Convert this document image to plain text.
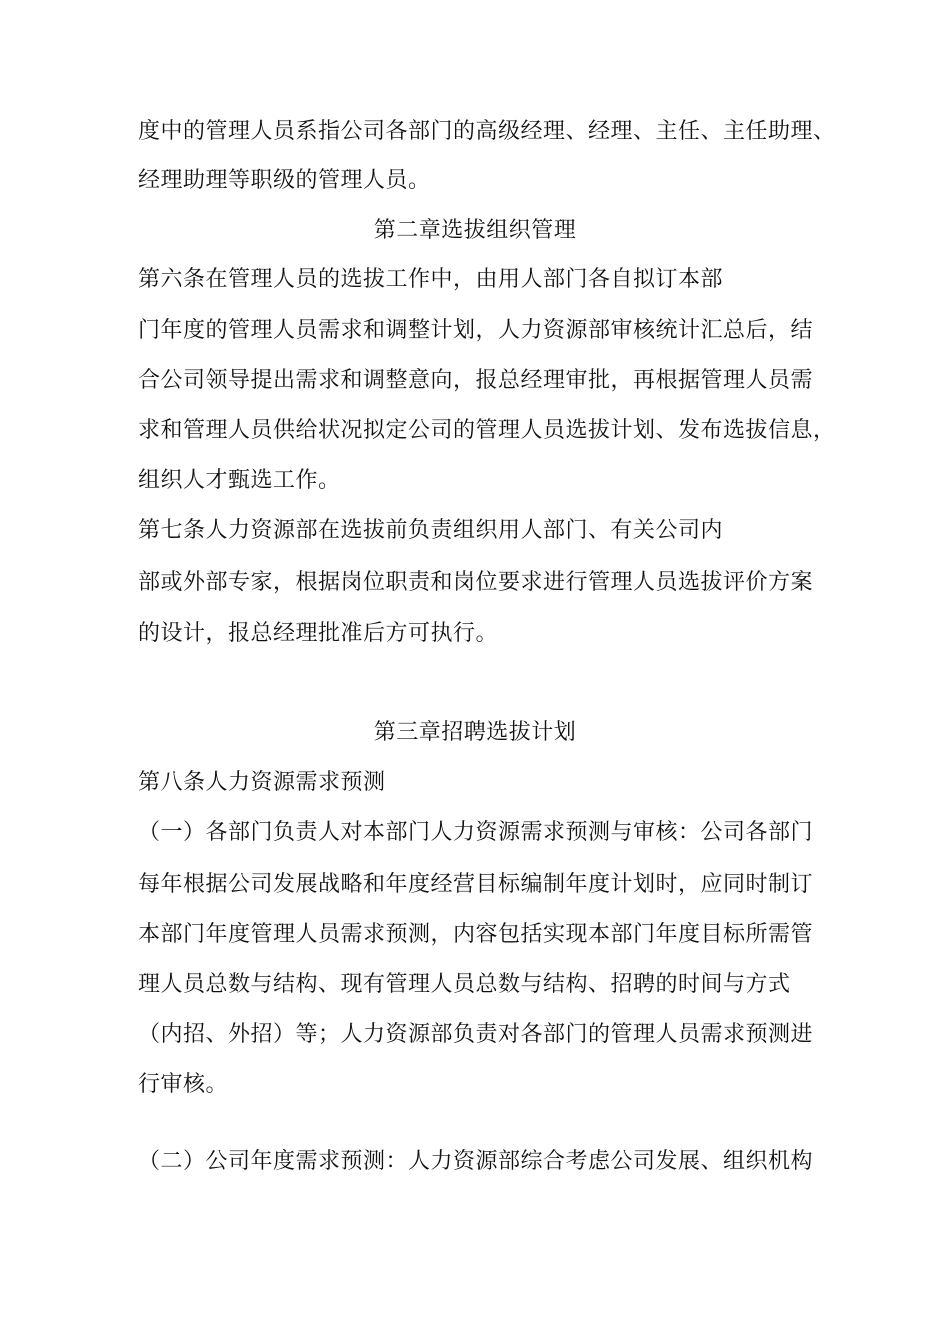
度中的管理人员系指公司各部门的高级经理、经理、主任、主任助理、
经理助理等职级的管理人员。
第二章选拔组织管理
第六条在管理人员的选拔工作中，由用人部门各自拟订本部
门年度的管理人员需求和调整计划，人力资源部审核统计汇总后，结
合公司领导提出需求和调整意向，报总经理审批，再根据管理人员需
求和管理人员供给状况拟定公司的管理人员选拔计划、发布选拔信息，
组织人才甄选工作。
第七条人力资源部在选拔前负责组织用人部门、有关公司内
部或外部专家，根据岗位职责和岗位要求进行管理人员选拔评价方案
的设计，报总经理批准后方可执行。
第三章招聘选拔计划
第八条人力资源需求预测
（一）各部门负责人对本部门人力资源需求预测与审核：公司各部门
每年根据公司发展战略和年度经营目标编制年度计划时，应同时制订
本部门年度管理人员需求预测，内容包括实现本部门年度目标所需管
理人员总数与结构、现有管理人员总数与结构、招聘的时间与方式
（内招、外招）等；人力资源部负责对各部门的管理人员需求预测进
行审核。
（二）公司年度需求预测：人力资源部综合考虑公司发展、组织机构
